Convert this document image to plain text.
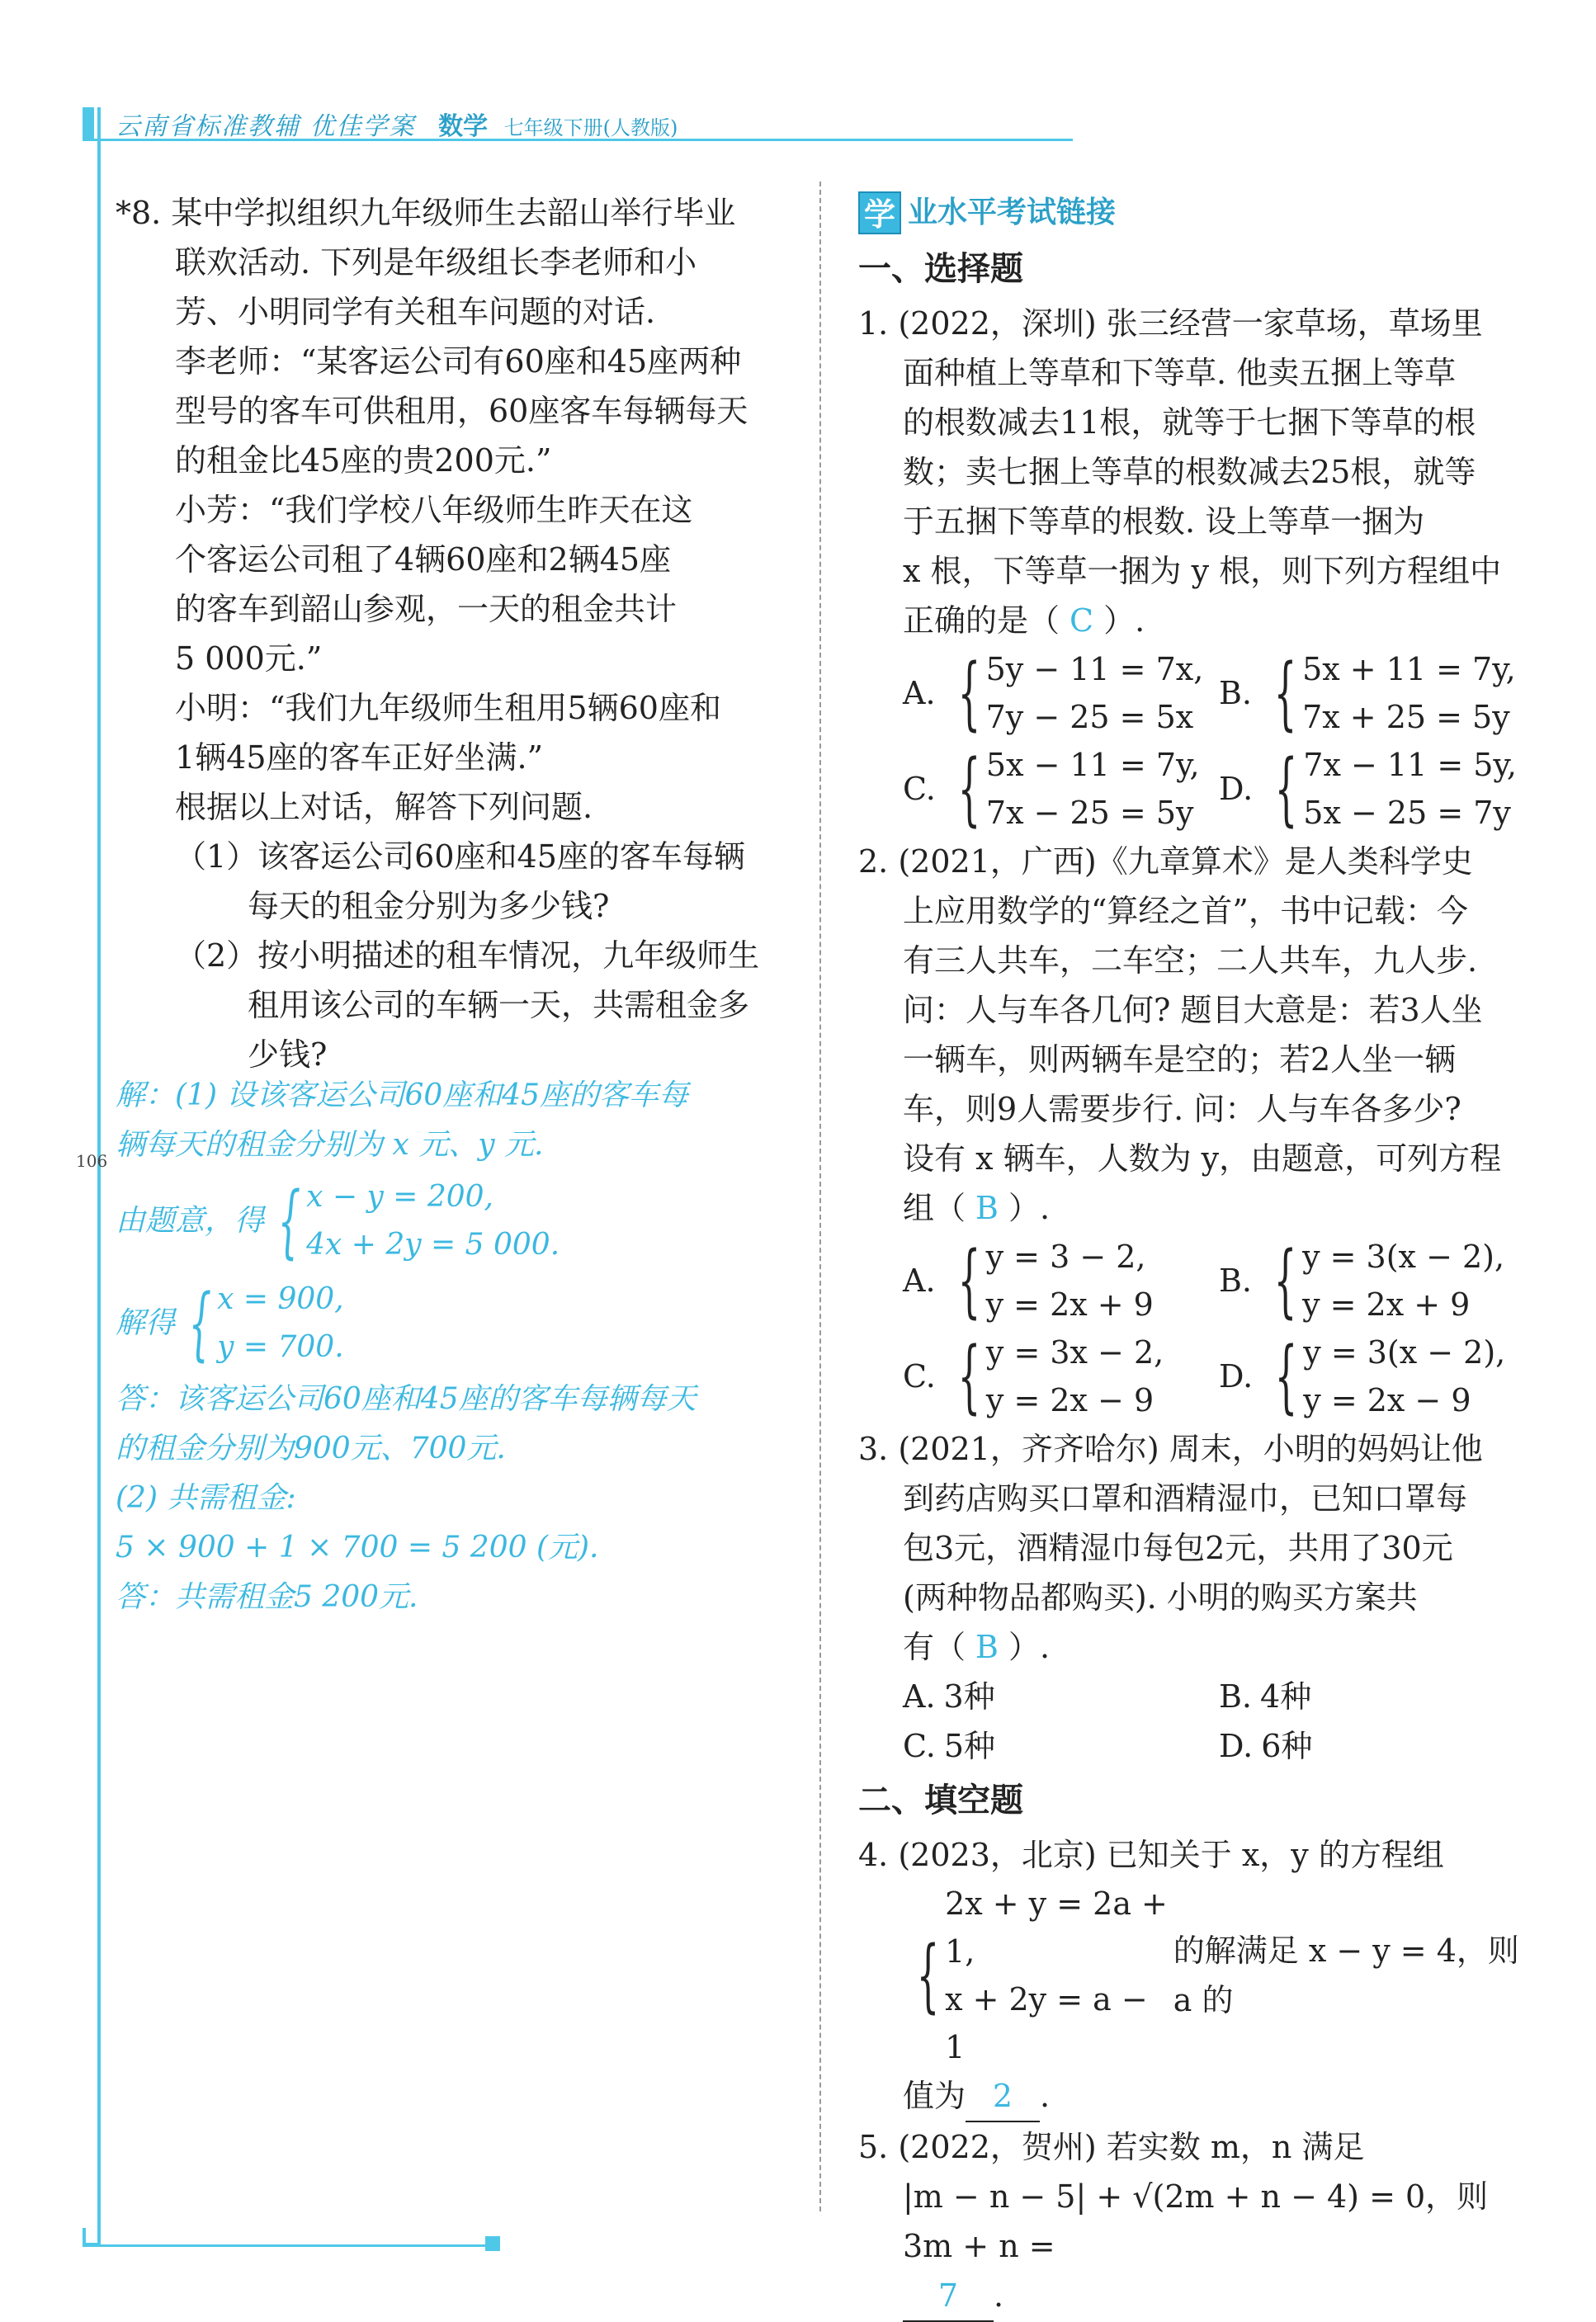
云南省标准教辅 优佳学案 数学 七年级下册(人教版)
106
*8. 某中学拟组织九年级师生去韶山举行毕业
联欢活动. 下列是年级组长李老师和小
芳、小明同学有关租车问题的对话.
李老师：“某客运公司有60座和45座两种
型号的客车可供租用，60座客车每辆每天
的租金比45座的贵200元.”
小芳：“我们学校八年级师生昨天在这
个客运公司租了4辆60座和2辆45座
的客车到韶山参观，一天的租金共计
5 000元.”
小明：“我们九年级师生租用5辆60座和
1辆45座的客车正好坐满.”
根据以上对话，解答下列问题.
（1）该客运公司60座和45座的客车每辆
每天的租金分别为多少钱?
（2）按小明描述的租车情况，九年级师生
租用该公司的车辆一天，共需租金多
少钱?
解：(1) 设该客运公司60座和45座的客车每
辆每天的租金分别为 x 元、y 元.
由题意，得 { x − y = 200,
4x + 2y = 5 000.

解得 { x = 900,
y = 700.
答：该客运公司60座和45座的客车每辆每天
的租金分别为900元、700元.
(2) 共需租金:
5 × 900 + 1 × 700 = 5 200 (元).
答：共需租金5 200元.
学 业水平考试链接
一、选择题
1. (2022，深圳) 张三经营一家草场，草场里
面种植上等草和下等草. 他卖五捆上等草
的根数减去11根，就等于七捆下等草的根
数；卖七捆上等草的根数减去25根，就等
于五捆下等草的根数. 设上等草一捆为
x 根，下等草一捆为 y 根，则下列方程组中
正确的是（ C ）.
A. { 5y − 11 = 7x,
7y − 25 = 5x
B. { 5x + 11 = 7y,
7x + 25 = 5y
C. { 5x − 11 = 7y,
7x − 25 = 5y
D. { 7x − 11 = 5y,
5x − 25 = 7y
2. (2021，广西)《九章算术》是人类科学史
上应用数学的“算经之首”，书中记载：今
有三人共车，二车空；二人共车，九人步.
问：人与车各几何? 题目大意是：若3人坐
一辆车，则两辆车是空的；若2人坐一辆
车，则9人需要步行. 问：人与车各多少?
设有 x 辆车，人数为 y，由题意，可列方程
组（ B ）.
A. { y = 3 − 2,
y = 2x + 9
B. { y = 3(x − 2),
y = 2x + 9
C. { y = 3x − 2,
y = 2x − 9
D. { y = 3(x − 2),
y = 2x − 9
3. (2021，齐齐哈尔) 周末，小明的妈妈让他
到药店购买口罩和酒精湿巾，已知口罩每
包3元，酒精湿巾每包2元，共用了30元
(两种物品都购买). 小明的购买方案共
有（ B ）.
A. 3种	B. 4种
C. 5种	D. 6种
二、填空题
4. (2023，北京) 已知关于 x，y 的方程组
{
2x + y = 2a + 1,
x + 2y = a − 1
的解满足 x − y = 4，则 a 的
值为 2 .
5. (2022，贺州) 若实数 m，n 满足
|m − n − 5| + √(2m + n − 4) = 0，则 3m + n =
7 .
